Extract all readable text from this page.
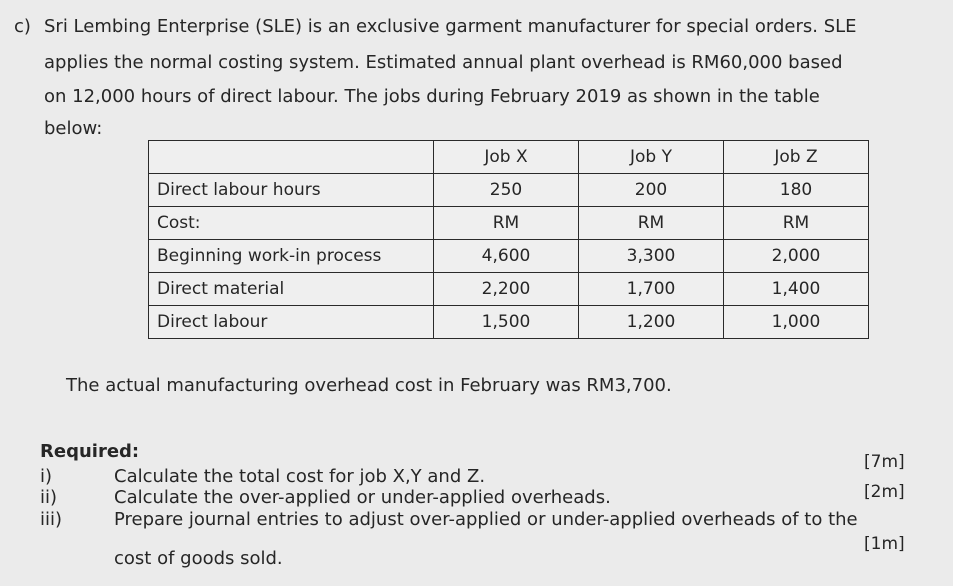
c) Sri Lembing Enterprise (SLE) is an exclusive garment manufacturer for special orders. SLE
applies the normal costing system. Estimated annual plant overhead is RM60,000 based
on 12,000 hours of direct labour. The jobs during February 2019 as shown in the table
below:
	Job X	Job Y	Job Z
Direct labour hours	250	200	180
Cost:	RM	RM	RM
Beginning work-in process	4,600	3,300	2,000
Direct material	2,200	1,700	1,400
Direct labour	1,500	1,200	1,000
The actual manufacturing overhead cost in February was RM3,700.
Required:
i)	Calculate the total cost for job X,Y and Z.
[7m]
ii)	Calculate the over-applied or under-applied overheads.	[2m]
iii)	Prepare journal entries to adjust over-applied or under-applied overheads of to the
cost of goods sold.
[1m]
